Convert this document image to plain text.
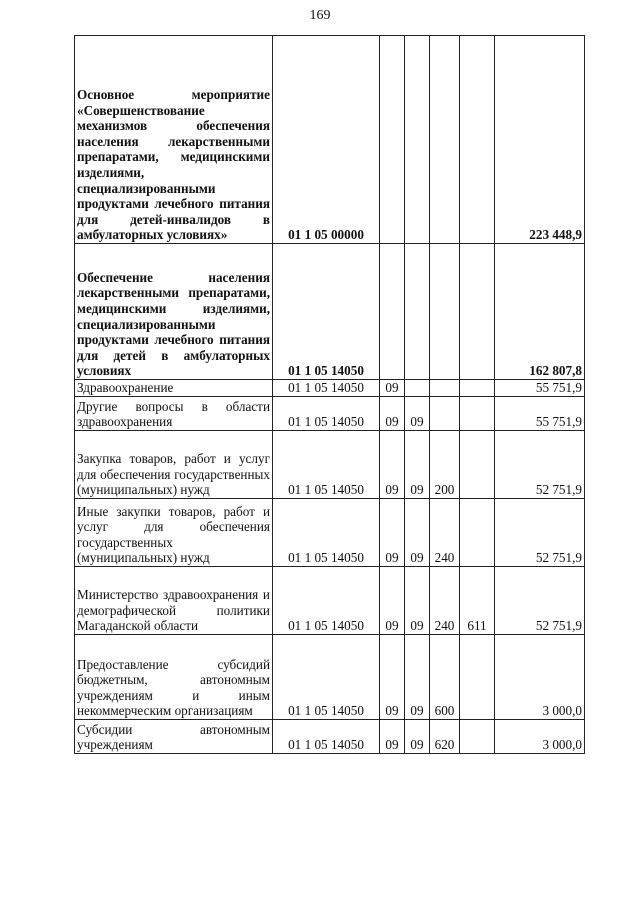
169
Основное мероприятие «Совершенствование механизмов обеспечения населения лекарственными препаратами, медицинскими изделиями, специализированными продуктами лечебного питания для детей-инвалидов в амбулаторных условиях»	01 1 05 00000					223 448,9
Обеспечение населения лекарственными препаратами, медицинскими изделиями, специализированными продуктами лечебного питания для детей в амбулаторных условиях	01 1 05 14050					162 807,8
Здравоохранение	01 1 05 14050	09				55 751,9
Другие вопросы в области здравоохранения	01 1 05 14050	09	09			55 751,9
Закупка товаров, работ и услуг для обеспечения государственных (муниципальных) нужд	01 1 05 14050	09	09	200		52 751,9
Иные закупки товаров, работ и услуг для обеспечения государственных (муниципальных) нужд	01 1 05 14050	09	09	240		52 751,9
Министерство здравоохранения и демографической политики Магаданской области	01 1 05 14050	09	09	240	611	52 751,9
Предоставление субсидий бюджетным, автономным учреждениям и иным некоммерческим организациям	01 1 05 14050	09	09	600		3 000,0
Субсидии автономным учреждениям	01 1 05 14050	09	09	620		3 000,0
